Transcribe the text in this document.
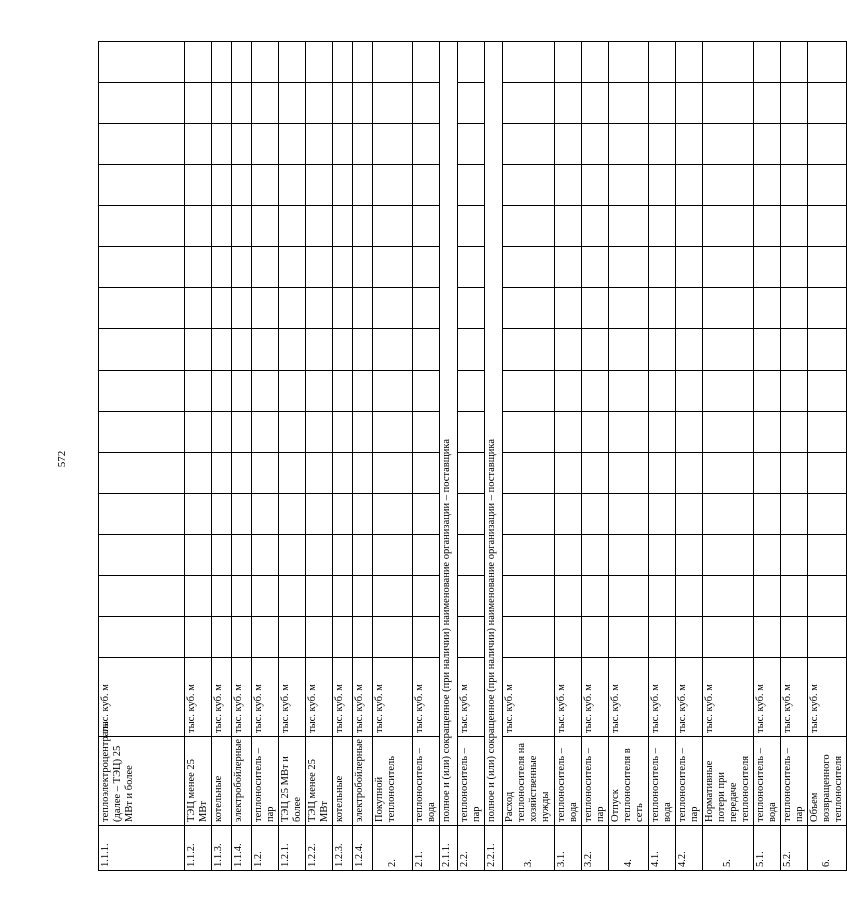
572
1.1.1.	теплоэлектроцентраль (далее – ТЭЦ) 25 МВт и более	тыс. куб. м															
1.1.2.	ТЭЦ менее 25 МВт	тыс. куб. м															
1.1.3.	котельные	тыс. куб. м															
1.1.4.	электробойлерные	тыс. куб. м															
1.2.	теплоноситель – пар	тыс. куб. м															
1.2.1.	ТЭЦ 25 МВт и более	тыс. куб. м															
1.2.2.	ТЭЦ менее 25 МВт	тыс. куб. м															
1.2.3.	котельные	тыс. куб. м															
1.2.4.	электробойлерные	тыс. куб. м															
2.	Покупной теплоноситель	тыс. куб. м															
2.1.	теплоноситель – вода	тыс. куб. м															
2.1.1.	полное и (или) сокращенное (при наличии) наименование организации – поставщика																
2.2.	теплоноситель – пар	тыс. куб. м															
2.2.1.	полное и (или) сокращенное (при наличии) наименование организации – поставщика																
3.	Расход теплоносителя на хозяйственные нужды	тыс. куб. м															
3.1.	теплоноситель – вода	тыс. куб. м															
3.2.	теплоноситель – пар	тыс. куб. м															
4.	Отпуск теплоносителя в сеть	тыс. куб. м															
4.1.	теплоноситель – вода	тыс. куб. м															
4.2.	теплоноситель – пар	тыс. куб. м															
5.	Нормативные потери при передаче теплоносителя	тыс. куб. м															
5.1.	теплоноситель – вода	тыс. куб. м															
5.2.	теплоноситель – пар	тыс. куб. м															
6.	Объем возвращенного теплоносителя	тыс. куб. м															
